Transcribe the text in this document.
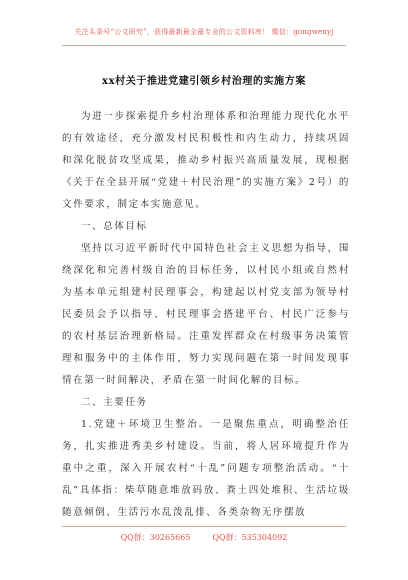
关注头条号“公文研究”，获得最新最全最专业的公文资料库！ 微信：gongwenyj
xx村关于推进党建引领乡村治理的实施方案

为进一步探索提升乡村治理体系和治理能力现代化水平的有效途径，充分激发村民积极性和内生动力，持续巩固和深化脱贫攻坚成果，推动乡村振兴高质量发展，现根据《关于在全县开展“党建＋村民治理”的实施方案》2号）的文件要求，制定本实施意见。

一、总体目标

坚持以习近平新时代中国特色社会主义思想为指导，围绕深化和完善村级自治的目标任务，以村民小组或自然村为基本单元组建村民理事会，构建起以村党支部为领导村民委员会予以指导、村民理事会搭建平台、村民广泛参与的农村基层治理新格局。注重发挥群众在村级事务决策管理和服务中的主体作用，努力实现问题在第一时间发现事情在第一时间解决，矛盾在第一时间化解的目标。

二、主要任务

1.党建＋环境卫生整治。一是聚焦重点，明确整治任务，扎实推进秀美乡村建设。当前，将人居环境提升作为重中之重，深入开展农村“十乱”问题专项整治活动。“十乱”具体指：柴草随意堆放码放、粪土四处堆积、生活垃圾随意倾倒、生活污水乱泼乱排、各类杂物无序摆放

QQ群：30265665	QQ群：535304092
